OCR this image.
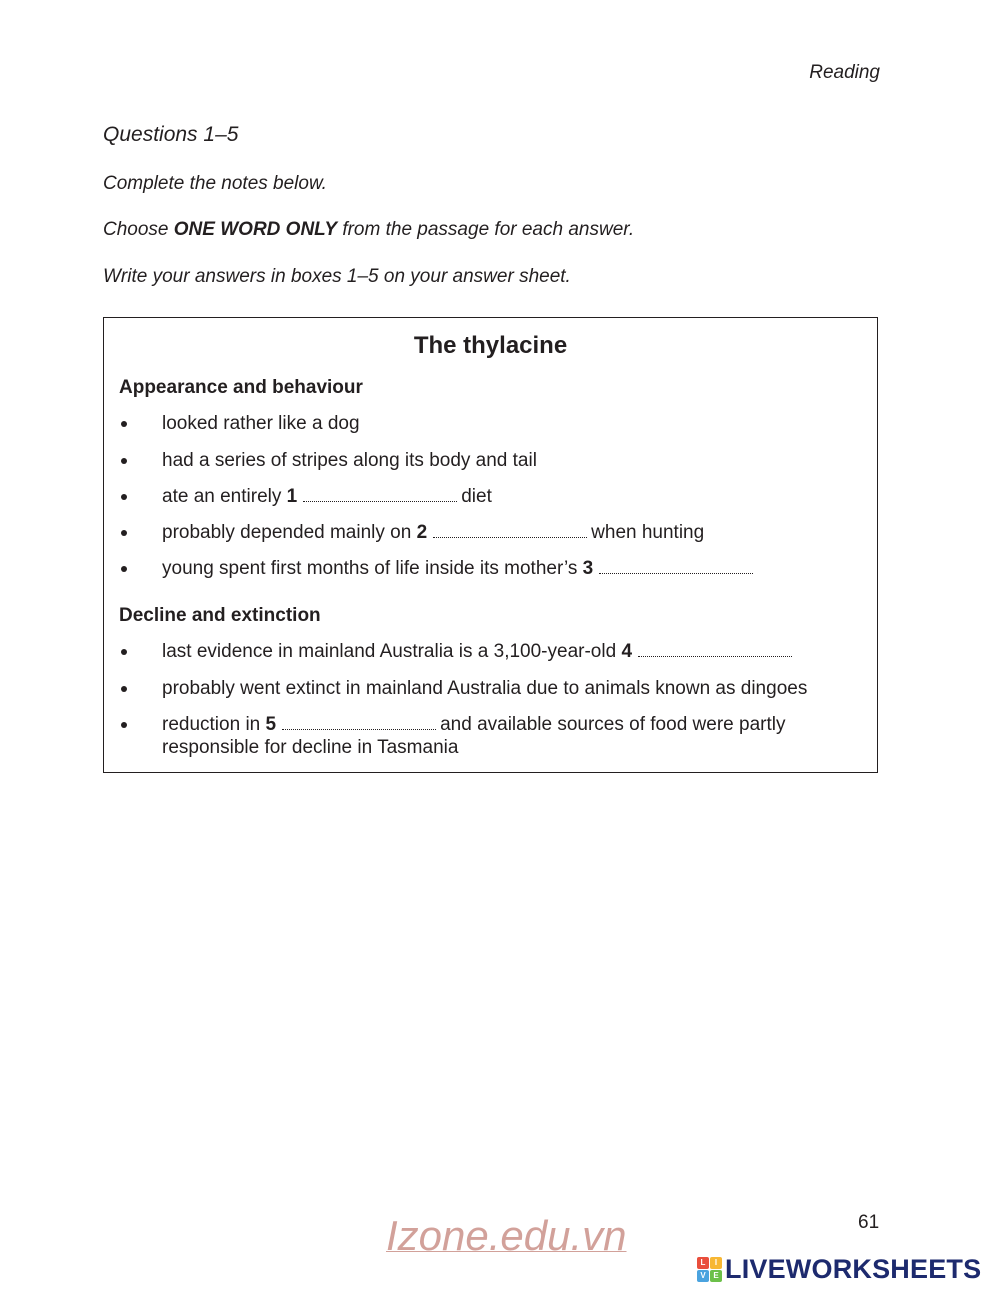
Reading
Questions 1–5
Complete the notes below.
Choose ONE WORD ONLY from the passage for each answer.
Write your answers in boxes 1–5 on your answer sheet.
The thylacine
Appearance and behaviour
looked rather like a dog
had a series of stripes along its body and tail
ate an entirely 1	diet
probably depended mainly on 2	when hunting
young spent first months of life inside its mother’s 3
Decline and extinction
last evidence in mainland Australia is a 3,100-year-old 4
probably went extinct in mainland Australia due to animals known as dingoes
reduction in 5	and available sources of food were partly
responsible for decline in Tasmania
61
Izone.edu.vn
L	I
V E LIVEWORKSHEETS
